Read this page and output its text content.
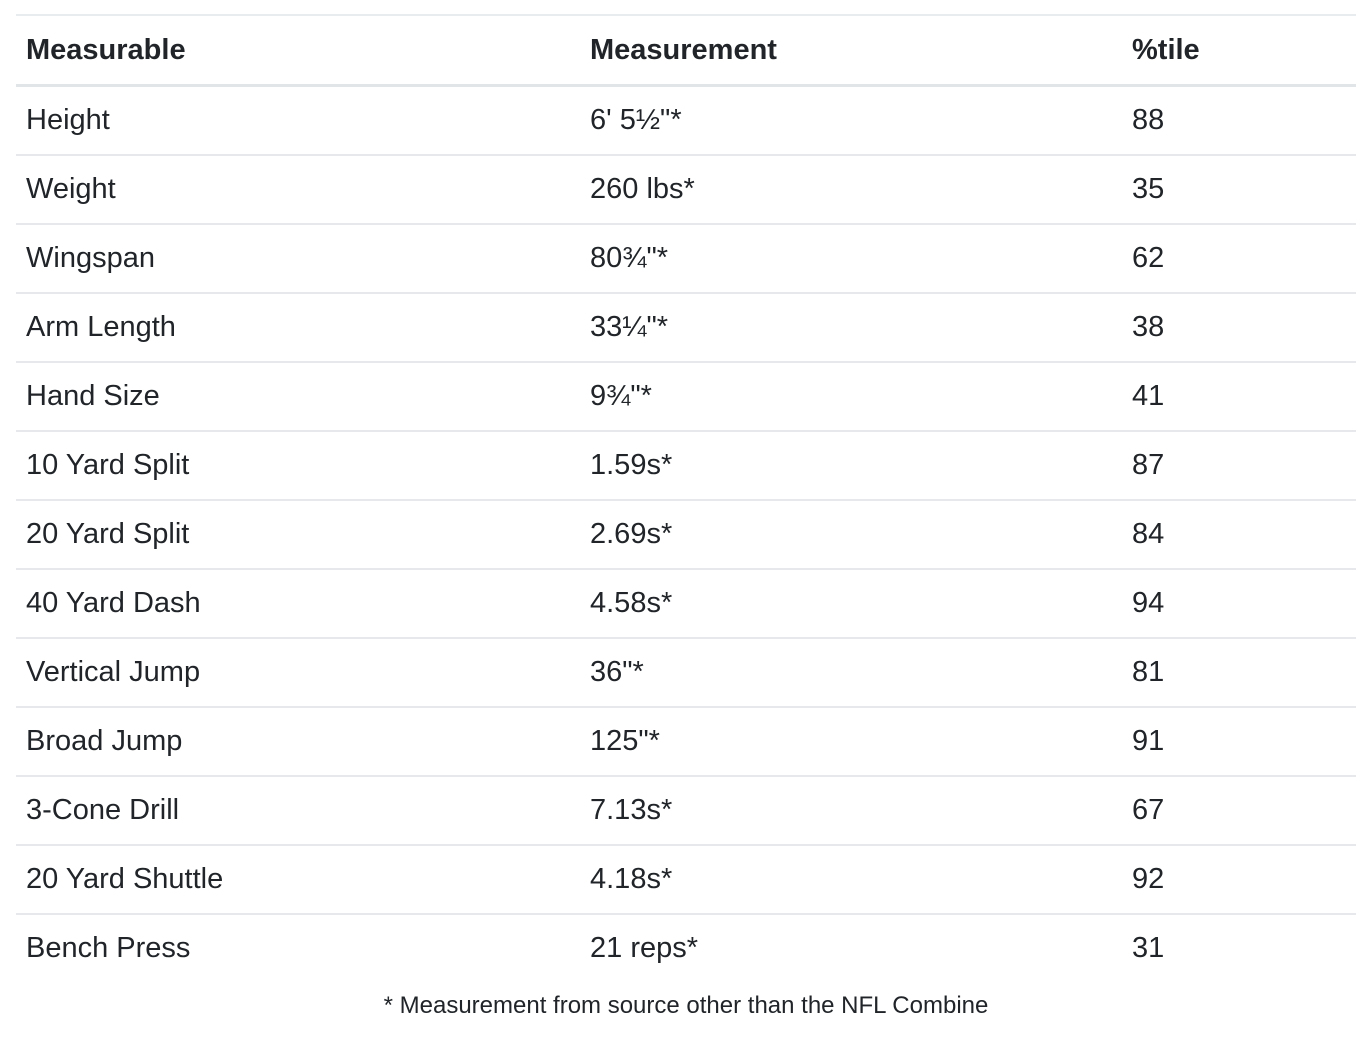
Measurable	Measurement	%tile
Height	6' 5½"*	88
Weight	260 lbs*	35
Wingspan	80¾"*	62
Arm Length	33¼"*	38
Hand Size	9¾"*	41
10 Yard Split	1.59s*	87
20 Yard Split	2.69s*	84
40 Yard Dash	4.58s*	94
Vertical Jump	36"*	81
Broad Jump	125"*	91
3-Cone Drill	7.13s*	67
20 Yard Shuttle	4.18s*	92
Bench Press	21 reps*	31
* Measurement from source other than the NFL Combine
